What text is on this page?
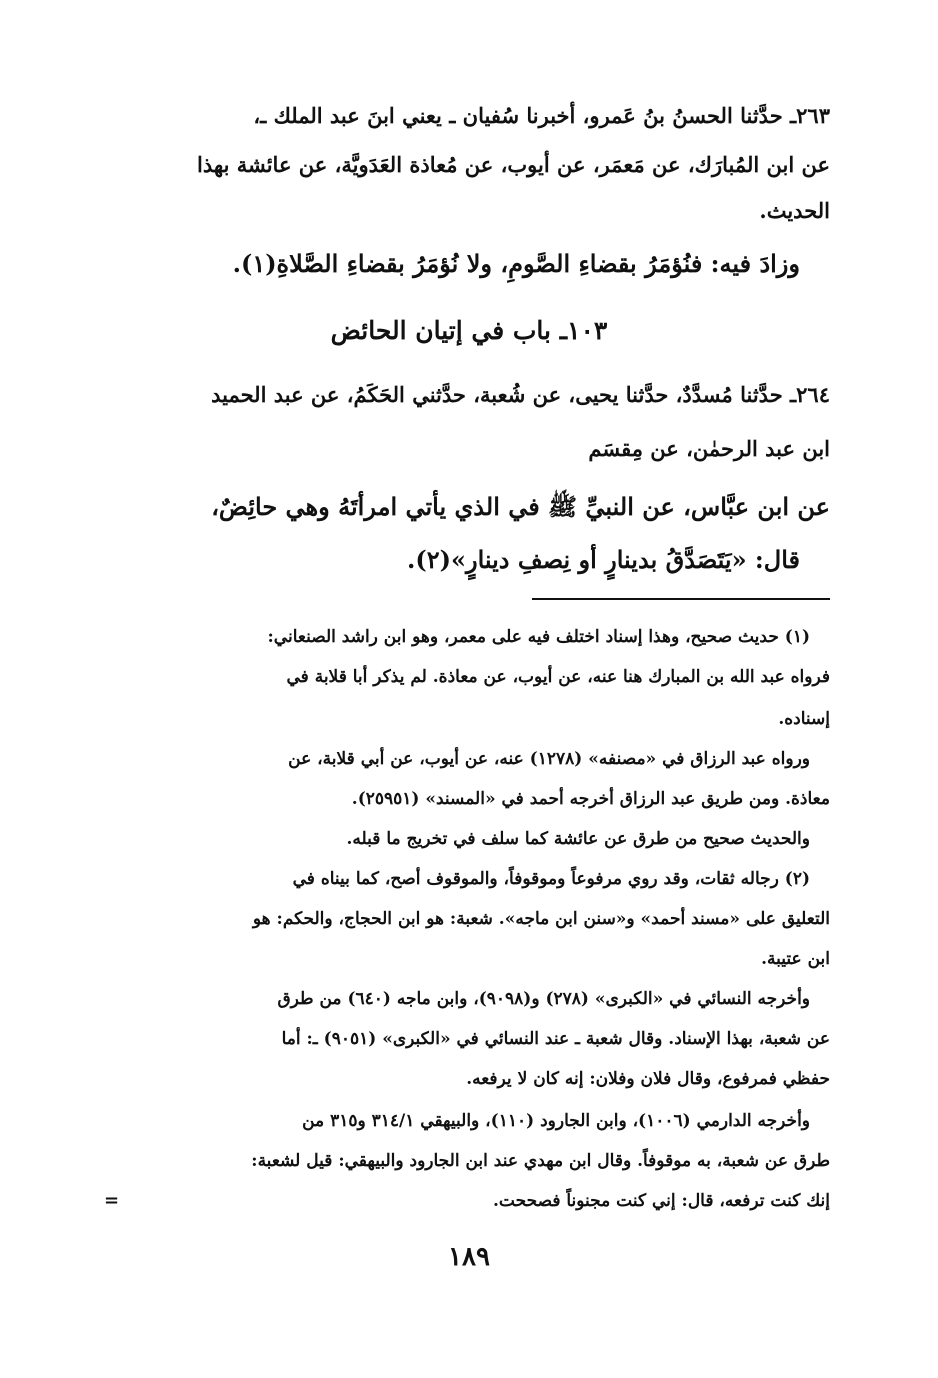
٢٦٣ـ حدَّثنا الحسنُ بنُ عَمرو، أخبرنا سُفيان ـ يعني ابنَ عبد الملك ـ،
عن ابن المُبارَك، عن مَعمَر، عن أيوب، عن مُعاذة العَدَويَّة، عن عائشة بهذا
الحديث.
وزادَ فيه: فنُؤمَرُ بقضاءِ الصَّومِ، ولا نُؤمَرُ بقضاءِ الصَّلاةِ(١).
١٠٣ـ باب في إتيان الحائض
٢٦٤ـ حدَّثنا مُسدَّدٌ، حدَّثنا يحيى، عن شُعبة، حدَّثني الحَكَمُ، عن عبد الحميد
ابن عبد الرحمٰن، عن مِقسَم
عن ابن عبَّاس، عن النبيِّ ﷺ في الذي يأتي امرأتَهُ وهي حائِضٌ،
قال: «يَتَصَدَّقُ بدينارٍ أو نِصفِ دينارٍ»(٢).
(١) حديث صحيح، وهذا إسناد اختلف فيه على معمر، وهو ابن راشد الصنعاني:
فرواه عبد الله بن المبارك هنا عنه، عن أيوب، عن معاذة. لم يذكر أبا قلابة في
إسناده.
ورواه عبد الرزاق في «مصنفه» (١٢٧٨) عنه، عن أيوب، عن أبي قلابة، عن
معاذة. ومن طريق عبد الرزاق أخرجه أحمد في «المسند» (٢٥٩٥١).
والحديث صحيح من طرق عن عائشة كما سلف في تخريج ما قبله.
(٢) رجاله ثقات، وقد روي مرفوعاً وموقوفاً، والموقوف أصح، كما بيناه في
التعليق على «مسند أحمد» و«سنن ابن ماجه». شعبة: هو ابن الحجاج، والحكم: هو
ابن عتيبة.
وأخرجه النسائي في «الكبرى» (٢٧٨) و(٩٠٩٨)، وابن ماجه (٦٤٠) من طرق
عن شعبة، بهذا الإسناد. وقال شعبة ـ عند النسائي في «الكبرى» (٩٠٥١) ـ: أما
حفظي فمرفوع، وقال فلان وفلان: إنه كان لا يرفعه.
وأخرجه الدارمي (١٠٠٦)، وابن الجارود (١١٠)، والبيهقي ٣١٤/١ و٣١٥ من
طرق عن شعبة، به موقوفاً. وقال ابن مهدي عند ابن الجارود والبيهقي: قيل لشعبة:
إنك كنت ترفعه، قال: إني كنت مجنوناً فصححت.
=
١٨٩
